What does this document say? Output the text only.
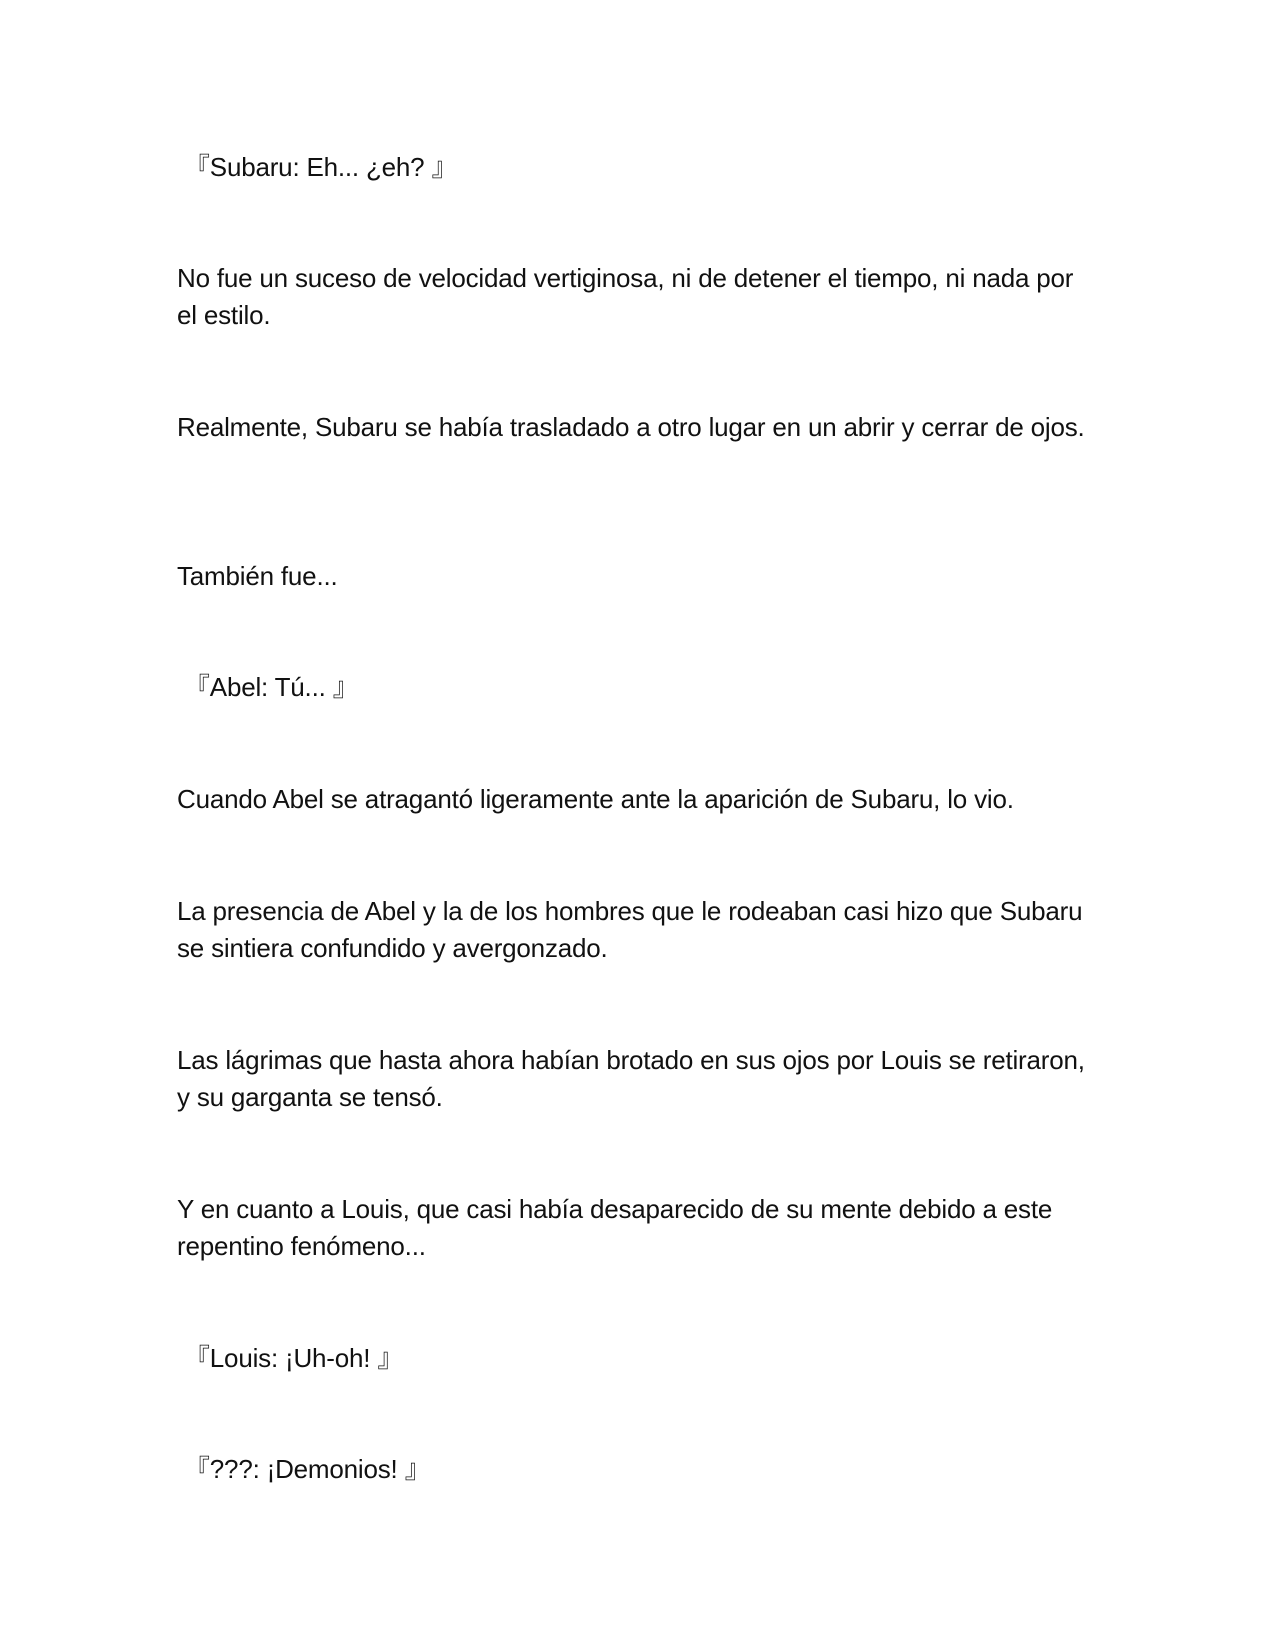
『Subaru: Eh... ¿eh? 』

No fue un suceso de velocidad vertiginosa, ni de detener el tiempo, ni nada por el estilo.

Realmente, Subaru se había trasladado a otro lugar en un abrir y cerrar de ojos.

También fue...

『Abel: Tú... 』

Cuando Abel se atragantó ligeramente ante la aparición de Subaru, lo vio.

La presencia de Abel y la de los hombres que le rodeaban casi hizo que Subaru se sintiera confundido y avergonzado.

Las lágrimas que hasta ahora habían brotado en sus ojos por Louis se retiraron, y su garganta se tensó.

Y en cuanto a Louis, que casi había desaparecido de su mente debido a este repentino fenómeno...

『Louis: ¡Uh-oh! 』

『???: ¡Demonios! 』
